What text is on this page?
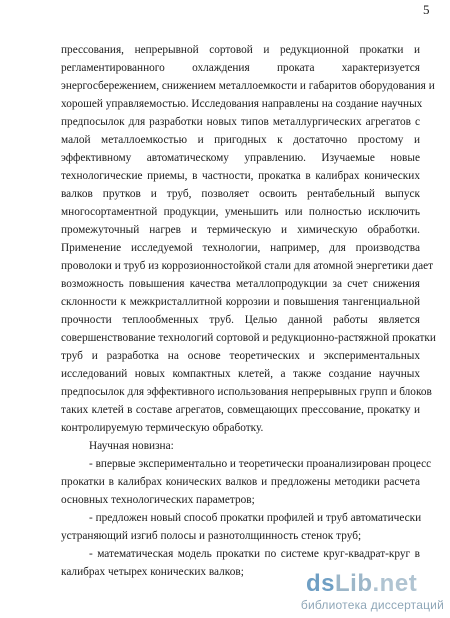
5
прессования, непрерывной сортовой и редукционной прокатки и
регламентированного охлаждения проката характеризуется
энергосбережением, снижением металлоемкости и габаритов оборудования и
хорошей управляемостью. Исследования направлены на создание научных
предпосылок для разработки новых типов металлургических агрегатов с
малой металлоемкостью и пригодных к достаточно простому и
эффективному автоматическому управлению. Изучаемые новые
технологические приемы, в частности, прокатка в калибрах конических
валков прутков и труб, позволяет освоить рентабельный выпуск
многосортаментной продукции, уменьшить или полностью исключить
промежуточный нагрев и термическую и химическую обработки.
Применение исследуемой технологии, например, для производства
проволоки и труб из коррозионностойкой стали для атомной энергетики дает
возможность повышения качества металлопродукции за счет снижения
склонности к межкристаллитной коррозии и повышения тангенциальной
прочности теплообменных труб. Целью данной работы является
совершенствование технологий сортовой и редукционно-растяжной прокатки
труб и разработка на основе теоретических и экспериментальных
исследований новых компактных клетей, а также создание научных
предпосылок для эффективного использования непрерывных групп и блоков
таких клетей в составе агрегатов, совмещающих прессование, прокатку и
контролируемую термическую обработку.
Научная новизна:
- впервые экспериментально и теоретически проанализирован процесс
прокатки в калибрах конических валков и предложены методики расчета
основных технологических параметров;
- предложен новый способ прокатки профилей и труб автоматически
устраняющий изгиб полосы и разнотолщинность стенок труб;
- математическая модель прокатки по системе круг-квадрат-круг в
калибрах четырех конических валков;	dsLib.net
библиотека диссертаций
